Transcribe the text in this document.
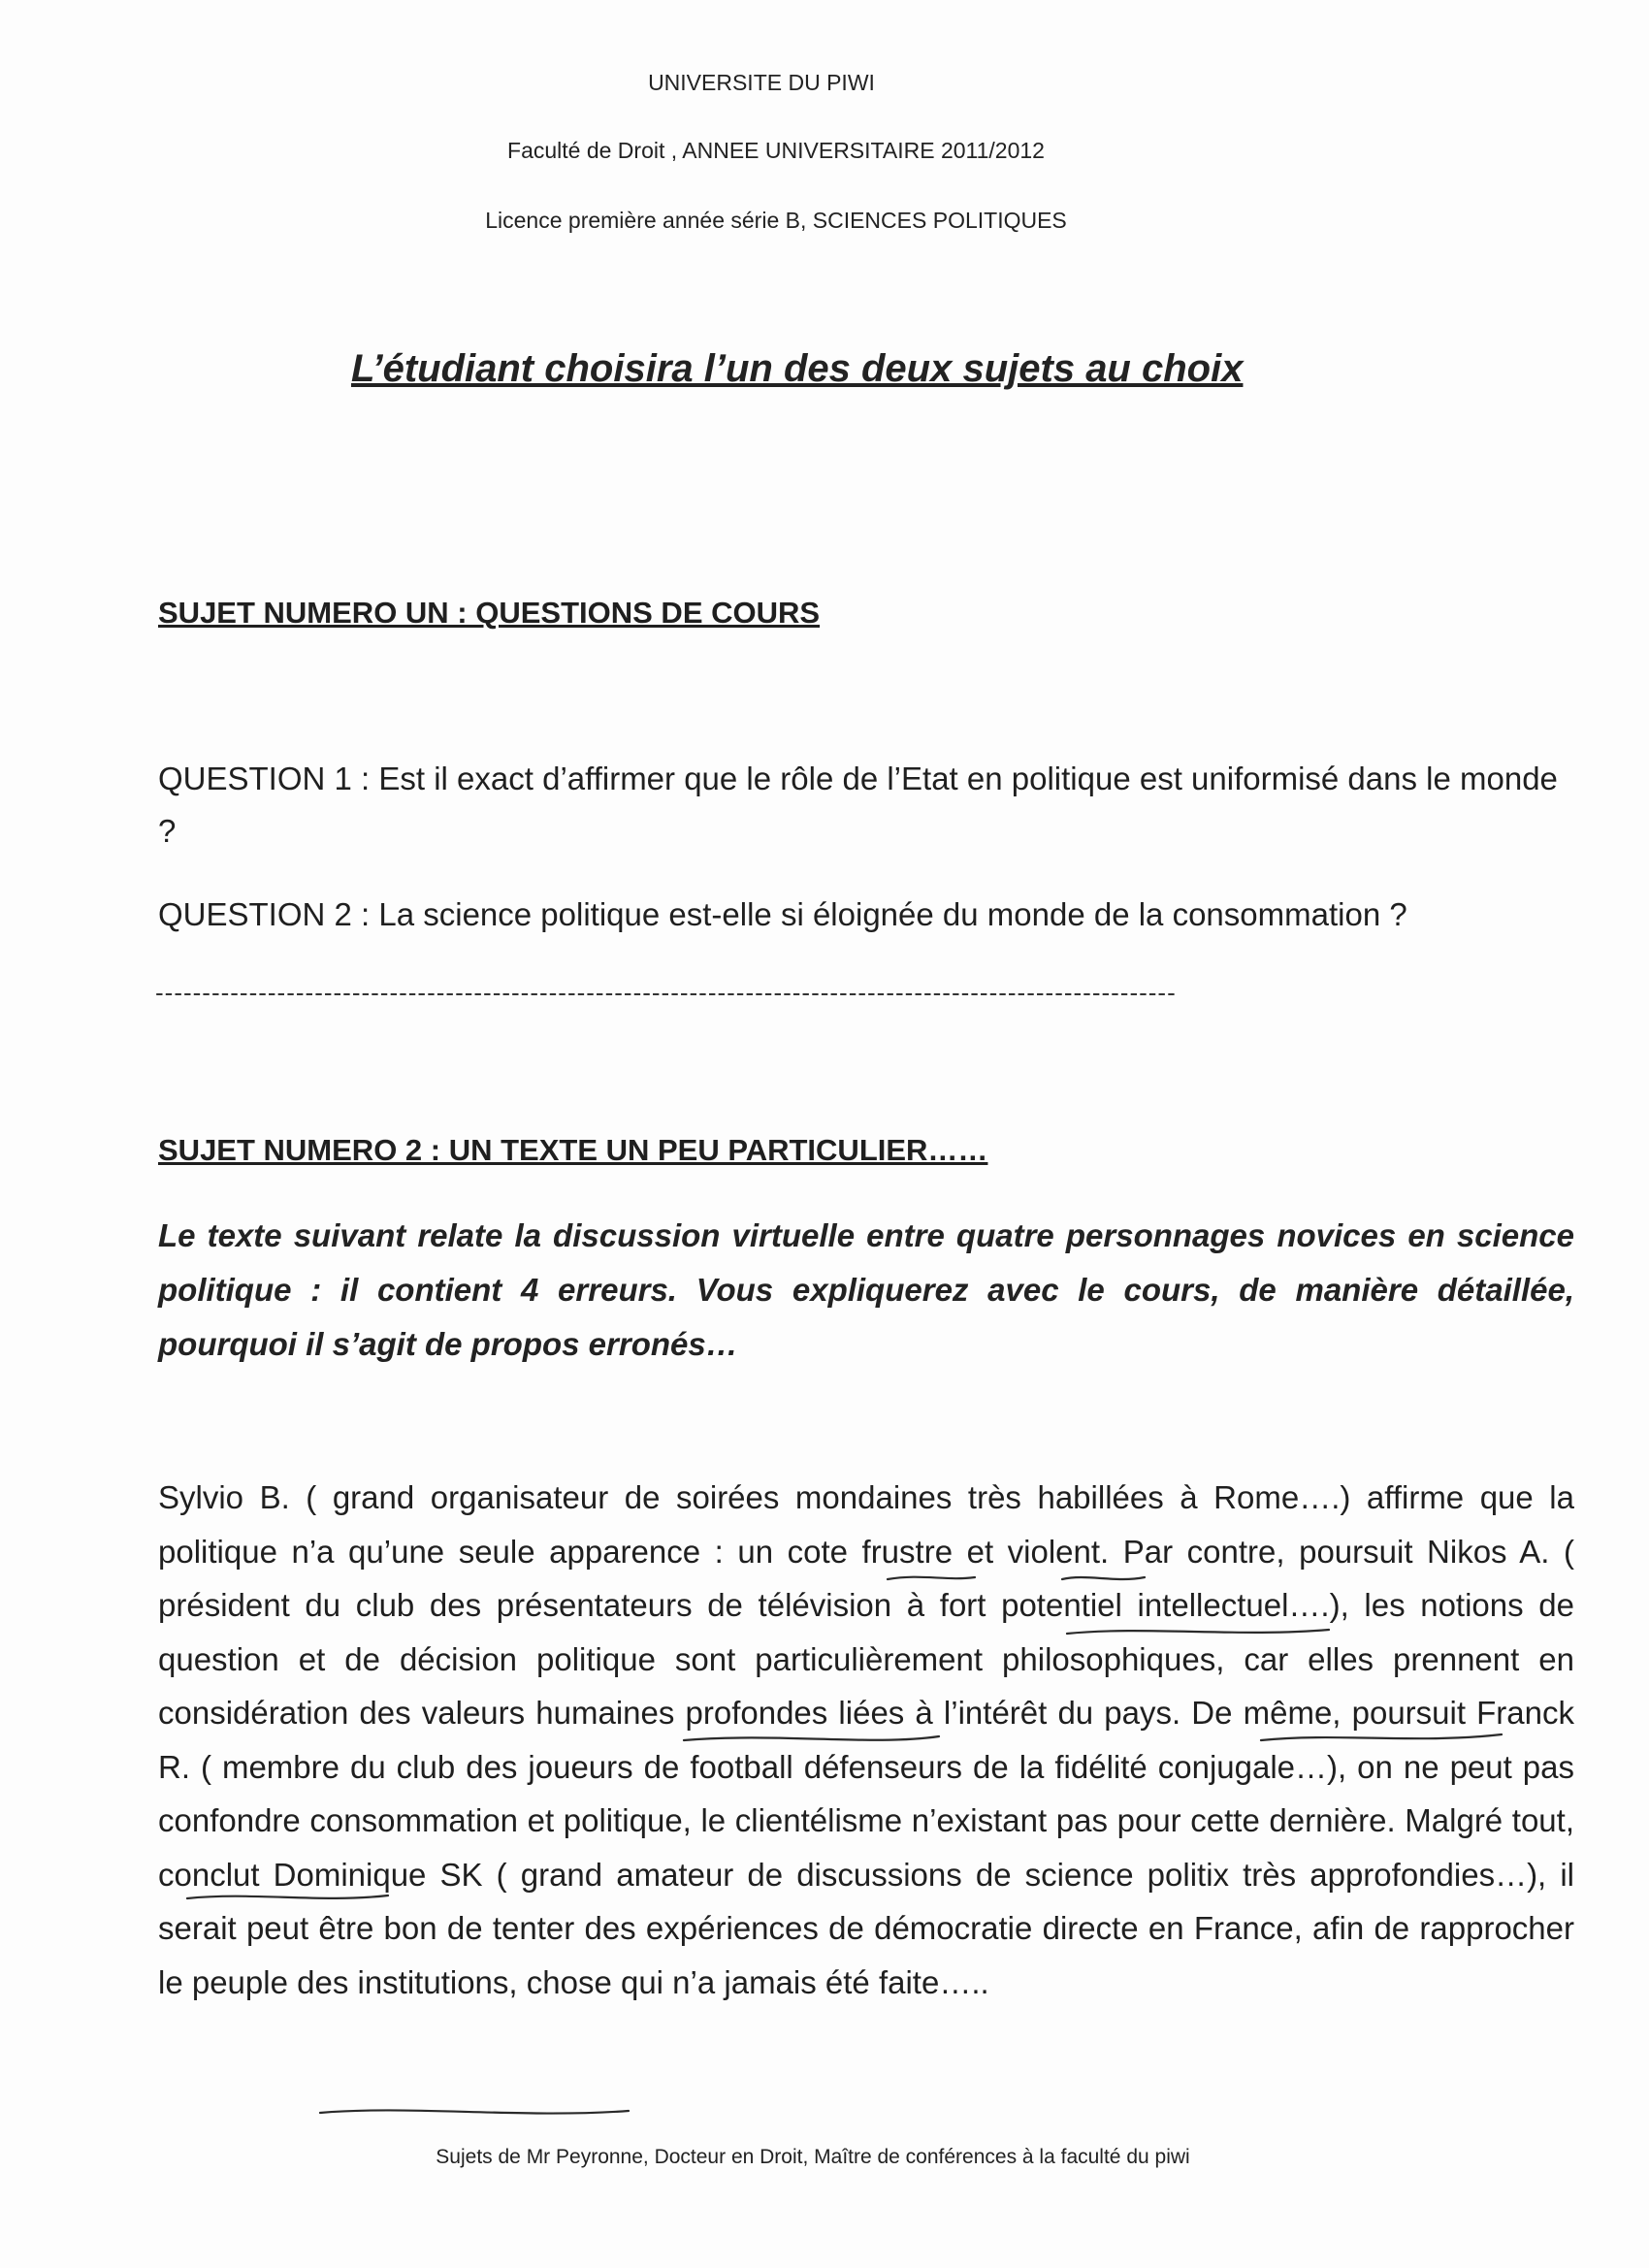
UNIVERSITE DU PIWI
Faculté de Droit , ANNEE UNIVERSITAIRE 2011/2012
Licence première année série B, SCIENCES POLITIQUES
L’étudiant choisira l’un des deux sujets au choix
SUJET NUMERO UN : QUESTIONS DE COURS
QUESTION 1 : Est il exact d’affirmer que le rôle de l’Etat en politique est uniformisé dans le monde ?
QUESTION 2 : La science politique est-elle si éloignée du monde de la consommation ?
-------------------------------------------------------------------------------------------------------------
SUJET NUMERO 2 : UN TEXTE UN PEU PARTICULIER……
Le texte suivant relate la discussion virtuelle entre quatre personnages novices en science politique : il contient 4 erreurs. Vous expliquerez avec le cours, de manière détaillée, pourquoi il s’agit de propos erronés…
Sylvio B. ( grand organisateur de soirées mondaines très habillées à Rome….) affirme que la politique n’a qu’une seule apparence : un cote frustre et violent. Par contre, poursuit Nikos A. ( président du club des présentateurs de télévision à fort potentiel intellectuel….), les notions de question et de décision politique sont particulièrement philosophiques, car elles prennent en considération des valeurs humaines profondes liées à l’intérêt du pays. De même, poursuit Franck R. ( membre du club des joueurs de football défenseurs de la fidélité conjugale…), on ne peut pas confondre consommation et politique, le clientélisme n’existant pas pour cette dernière. Malgré tout, conclut Dominique SK ( grand amateur de discussions de science politix très approfondies…), il serait peut être bon de tenter des expériences de démocratie directe en France, afin de rapprocher le peuple des institutions, chose qui n’a jamais été faite…..
Sujets de Mr Peyronne, Docteur en Droit, Maître de conférences à la faculté du piwi
